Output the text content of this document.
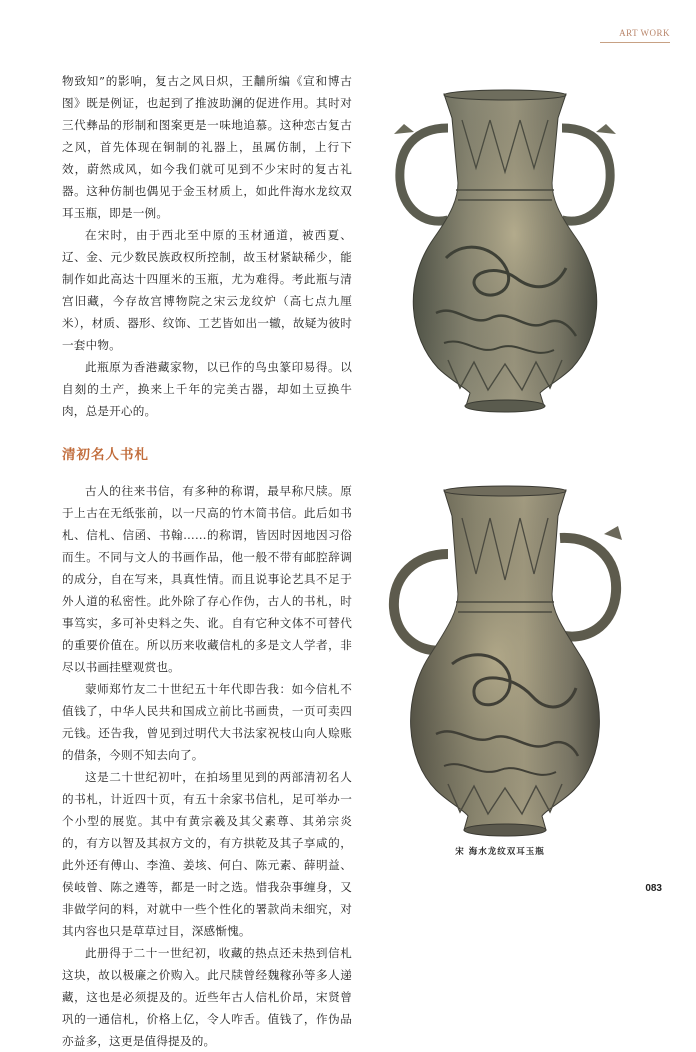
ART WORK

物致知”的影响，复古之风日炽，王黼所编《宣和博古图》既是例证，也起到了推波助澜的促进作用。其时对三代彝品的形制和图案更是一味地追慕。这种恋古复古之风，首先体现在铜制的礼器上，虽属仿制，上行下效，蔚然成风，如今我们就可见到不少宋时的复古礼器。这种仿制也偶见于金玉材质上，如此件海水龙纹双耳玉瓶，即是一例。

在宋时，由于西北至中原的玉材通道，被西夏、辽、金、元少数民族政权所控制，故玉材紧缺稀少，能制作如此高达十四厘米的玉瓶，尤为难得。考此瓶与清宫旧藏，今存故宫博物院之宋云龙纹炉（高七点九厘米），材质、器形、纹饰、工艺皆如出一辙，故疑为彼时一套中物。

此瓶原为香港藏家物，以已作的鸟虫篆印易得。以自刻的土产，换来上千年的完美古器，却如土豆换牛肉，总是开心的。

清初名人书札

古人的往来书信，有多种的称谓，最早称尺牍。原于上古在无纸张前，以一尺高的竹木简书信。此后如书札、信札、信函、书翰……的称谓，皆因时因地因习俗而生。不同与文人的书画作品，他一般不带有邮腔辞调的成分，自在写来，具真性情。而且说事论艺具不足于外人道的私密性。此外除了存心作伪，古人的书札，时事笃实，多可补史料之失、讹。自有它种文体不可替代的重要价值在。所以历来收藏信札的多是文人学者，非尽以书画挂壁观赏也。

蒙师郑竹友二十世纪五十年代即告我：如今信札不值钱了，中华人民共和国成立前比书画贵，一页可卖四元钱。还告我，曾见到过明代大书法家祝枝山向人赊账的借条，今则不知去向了。

这是二十世纪初叶，在拍场里见到的两部清初名人的书札，计近四十页，有五十余家书信札，足可举办一个小型的展览。其中有黄宗羲及其父素尊、其弟宗炎的，有方以智及其叔方文的，有方拱乾及其子享咸的，此外还有傅山、李渔、姜垓、何白、陈元素、薛明益、侯岐曾、陈之遴等，都是一时之选。惜我杂事缠身，又非做学问的料，对就中一些个性化的署款尚未细究，对其内容也只是草草过目，深感惭愧。

此册得于二十一世纪初，收藏的热点还未热到信札这块，故以极廉之价购入。此尺牍曾经魏稼孙等多人递藏，这也是必须提及的。近些年古人信札价昂，宋贤曾巩的一通信札，价格上亿，令人咋舌。值钱了，作伪品亦益多，这更是值得提及的。

宋 海水龙纹双耳玉瓶
083
